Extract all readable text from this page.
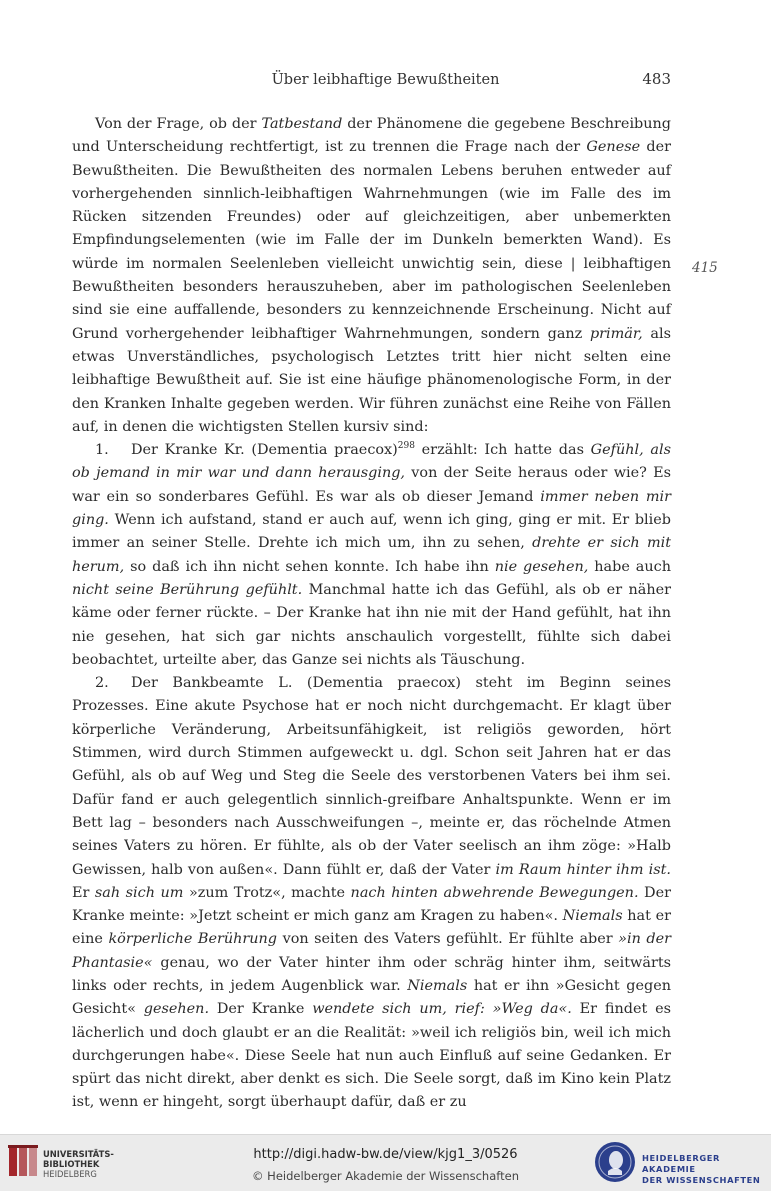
Über leibhaftige Bewußtheiten	483
415

Von der Frage, ob der Tatbestand der Phänomene die gegebene Beschreibung und Unterscheidung rechtfertigt, ist zu trennen die Frage nach der Genese der Bewußtheiten. Die Bewußtheiten des normalen Lebens beruhen entweder auf vorhergehenden sinnlich-leibhaftigen Wahrnehmungen (wie im Falle des im Rücken sitzenden Freundes) oder auf gleichzeitigen, aber unbemerkten Empfindungselementen (wie im Falle der im Dunkeln bemerkten Wand). Es würde im normalen Seelenleben vielleicht unwichtig sein, diese | leibhaftigen Bewußtheiten besonders herauszuheben, aber im pathologischen Seelenleben sind sie eine auffallende, besonders zu kennzeichnende Erscheinung. Nicht auf Grund vorhergehender leibhaftiger Wahrnehmungen, sondern ganz primär, als etwas Unverständliches, psychologisch Letztes tritt hier nicht selten eine leibhaftige Bewußtheit auf. Sie ist eine häufige phänomenologische Form, in der den Kranken Inhalte gegeben werden. Wir führen zunächst eine Reihe von Fällen auf, in denen die wichtigsten Stellen kursiv sind:

1. Der Kranke Kr. (Dementia praecox)$^{298}$ erzählt: Ich hatte das Gefühl, als ob jemand in mir war und dann herausging, von der Seite heraus oder wie? Es war ein so sonderbares Gefühl. Es war als ob dieser Jemand immer neben mir ging. Wenn ich aufstand, stand er auch auf, wenn ich ging, ging er mit. Er blieb immer an seiner Stelle. Drehte ich mich um, ihn zu sehen, drehte er sich mit herum, so daß ich ihn nicht sehen konnte. Ich habe ihn nie gesehen, habe auch nicht seine Berührung gefühlt. Manchmal hatte ich das Gefühl, als ob er näher käme oder ferner rückte. – Der Kranke hat ihn nie mit der Hand gefühlt, hat ihn nie gesehen, hat sich gar nichts anschaulich vorgestellt, fühlte sich dabei beobachtet, urteilte aber, das Ganze sei nichts als Täuschung.

2. Der Bankbeamte L. (Dementia praecox) steht im Beginn seines Prozesses. Eine akute Psychose hat er noch nicht durchgemacht. Er klagt über körperliche Veränderung, Arbeitsunfähigkeit, ist religiös geworden, hört Stimmen, wird durch Stimmen aufgeweckt u. dgl. Schon seit Jahren hat er das Gefühl, als ob auf Weg und Steg die Seele des verstorbenen Vaters bei ihm sei. Dafür fand er auch gelegentlich sinnlich-greifbare Anhaltspunkte. Wenn er im Bett lag – besonders nach Ausschweifungen –, meinte er, das röchelnde Atmen seines Vaters zu hören. Er fühlte, als ob der Vater seelisch an ihm zöge: »Halb Gewissen, halb von außen«. Dann fühlt er, daß der Vater im Raum hinter ihm ist. Er sah sich um »zum Trotz«, machte nach hinten abwehrende Bewegungen. Der Kranke meinte: »Jetzt scheint er mich ganz am Kragen zu haben«. Niemals hat er eine körperliche Berührung von seiten des Vaters gefühlt. Er fühlte aber »in der Phantasie« genau, wo der Vater hinter ihm oder schräg hinter ihm, seitwärts links oder rechts, in jedem Augenblick war. Niemals hat er ihn »Gesicht gegen Gesicht« gesehen. Der Kranke wendete sich um, rief: »Weg da«. Er findet es lächerlich und doch glaubt er an die Realität: »weil ich religiös bin, weil ich mich durchgerungen habe«. Diese Seele hat nun auch Einfluß auf seine Gedanken. Er spürt das nicht direkt, aber denkt es sich. Die Seele sorgt, daß im Kino kein Platz ist, wenn er hingeht, sorgt überhaupt dafür, daß er zu

UNIVERSITÄTS-
BIBLIOTHEK
HEIDELBERG
http://digi.hadw-bw.de/view/kjg1_3/0526
© Heidelberger Akademie der Wissenschaften
HEIDELBERGER AKADEMIE
DER WISSENSCHAFTEN
